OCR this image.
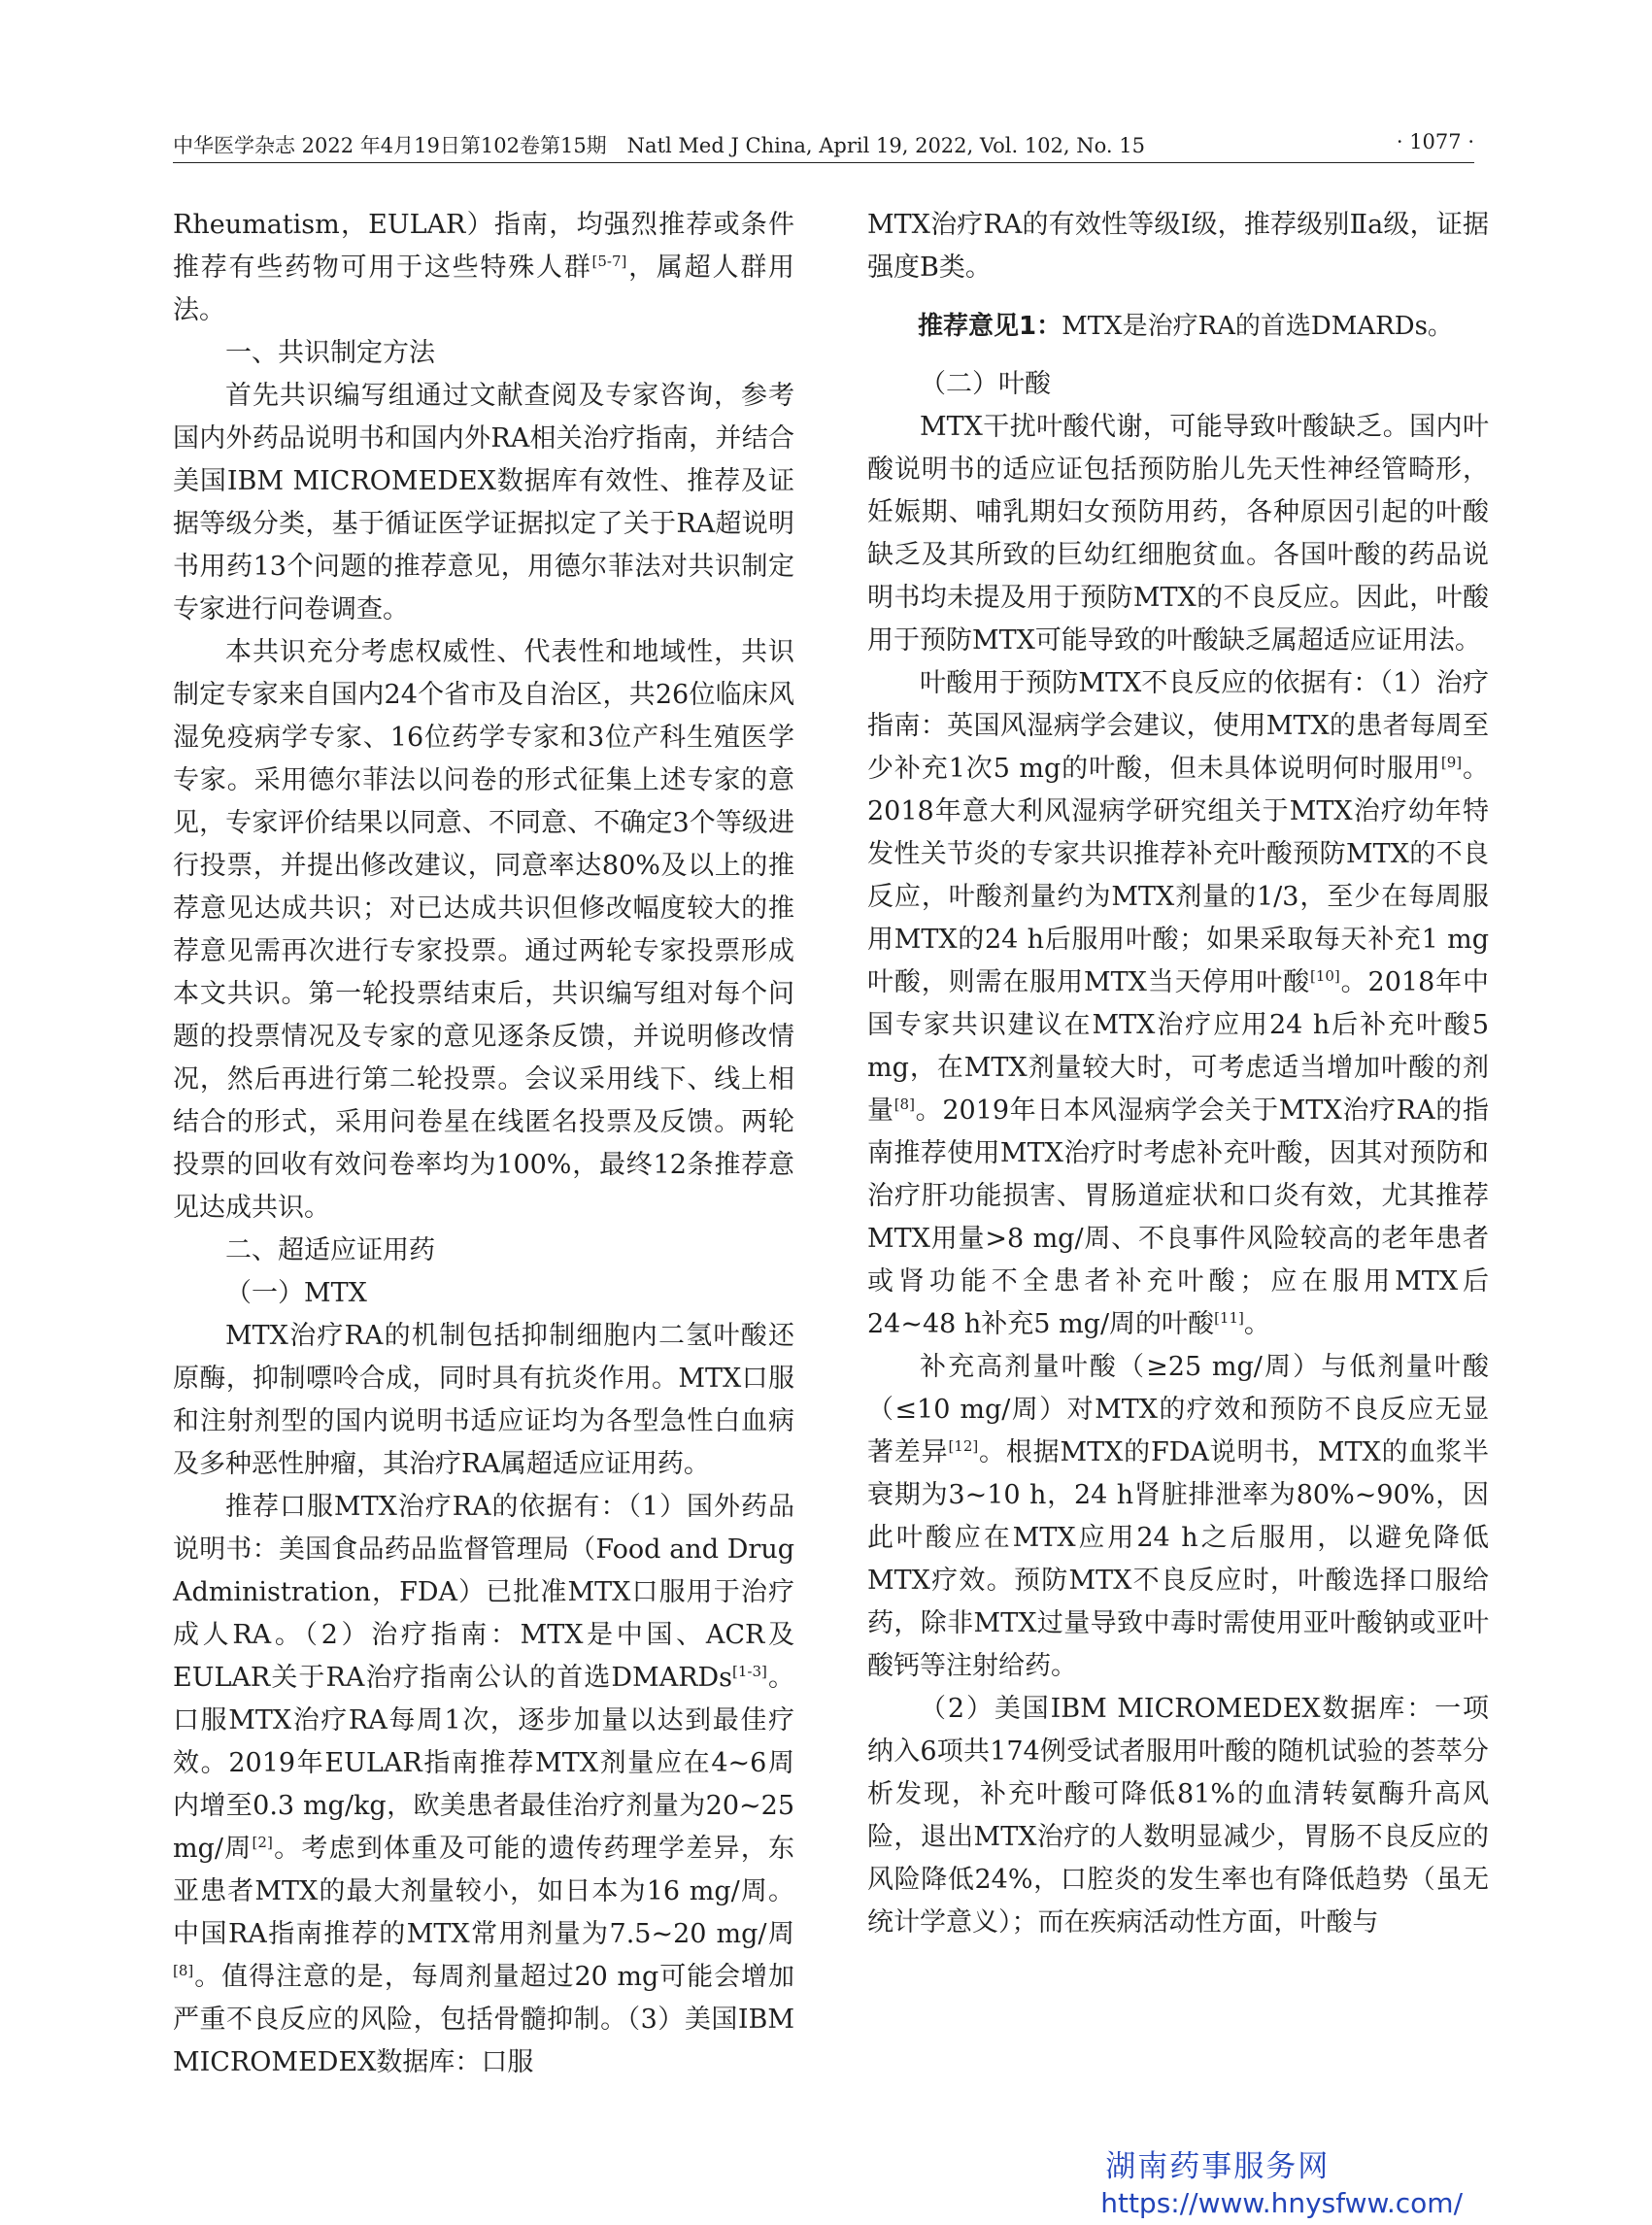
中华医学杂志 2022 年4月19日第102卷第15期　Natl Med J China, April 19, 2022, Vol. 102, No. 15	· 1077 ·

Rheumatism，EULAR）指南，均强烈推荐或条件推荐有些药物可用于这些特殊人群[5-7]，属超人群用法。

一、共识制定方法

首先共识编写组通过文献查阅及专家咨询，参考国内外药品说明书和国内外RA相关治疗指南，并结合美国IBM MICROMEDEX数据库有效性、推荐及证据等级分类，基于循证医学证据拟定了关于RA超说明书用药13个问题的推荐意见，用德尔菲法对共识制定专家进行问卷调查。

本共识充分考虑权威性、代表性和地域性，共识制定专家来自国内24个省市及自治区，共26位临床风湿免疫病学专家、16位药学专家和3位产科生殖医学专家。采用德尔菲法以问卷的形式征集上述专家的意见，专家评价结果以同意、不同意、不确定3个等级进行投票，并提出修改建议，同意率达80%及以上的推荐意见达成共识；对已达成共识但修改幅度较大的推荐意见需再次进行专家投票。通过两轮专家投票形成本文共识。第一轮投票结束后，共识编写组对每个问题的投票情况及专家的意见逐条反馈，并说明修改情况，然后再进行第二轮投票。会议采用线下、线上相结合的形式，采用问卷星在线匿名投票及反馈。两轮投票的回收有效问卷率均为100%，最终12条推荐意见达成共识。

二、超适应证用药

（一）MTX

MTX治疗RA的机制包括抑制细胞内二氢叶酸还原酶，抑制嘌呤合成，同时具有抗炎作用。MTX口服和注射剂型的国内说明书适应证均为各型急性白血病及多种恶性肿瘤，其治疗RA属超适应证用药。

推荐口服MTX治疗RA的依据有：（1）国外药品说明书：美国食品药品监督管理局（Food and Drug Administration，FDA）已批准MTX口服用于治疗成人RA。（2）治疗指南：MTX是中国、ACR及EULAR关于RA治疗指南公认的首选DMARDs[1-3]。口服MTX治疗RA每周1次，逐步加量以达到最佳疗效。2019年EULAR指南推荐MTX剂量应在4~6周内增至0.3 mg/kg，欧美患者最佳治疗剂量为20~25 mg/周[2]。考虑到体重及可能的遗传药理学差异，东亚患者MTX的最大剂量较小，如日本为16 mg/周。中国RA指南推荐的MTX常用剂量为7.5~20 mg/周[8]。值得注意的是，每周剂量超过20 mg可能会增加严重不良反应的风险，包括骨髓抑制。（3）美国IBM MICROMEDEX数据库：口服

MTX治疗RA的有效性等级Ⅰ级，推荐级别Ⅱa级，证据强度B类。

推荐意见1：MTX是治疗RA的首选DMARDs。

（二）叶酸

MTX干扰叶酸代谢，可能导致叶酸缺乏。国内叶酸说明书的适应证包括预防胎儿先天性神经管畸形，妊娠期、哺乳期妇女预防用药，各种原因引起的叶酸缺乏及其所致的巨幼红细胞贫血。各国叶酸的药品说明书均未提及用于预防MTX的不良反应。因此，叶酸用于预防MTX可能导致的叶酸缺乏属超适应证用法。

叶酸用于预防MTX不良反应的依据有：（1）治疗指南：英国风湿病学会建议，使用MTX的患者每周至少补充1次5 mg的叶酸，但未具体说明何时服用[9]。2018年意大利风湿病学研究组关于MTX治疗幼年特发性关节炎的专家共识推荐补充叶酸预防MTX的不良反应，叶酸剂量约为MTX剂量的1/3，至少在每周服用MTX的24 h后服用叶酸；如果采取每天补充1 mg叶酸，则需在服用MTX当天停用叶酸[10]。2018年中国专家共识建议在MTX治疗应用24 h后补充叶酸5 mg，在MTX剂量较大时，可考虑适当增加叶酸的剂量[8]。2019年日本风湿病学会关于MTX治疗RA的指南推荐使用MTX治疗时考虑补充叶酸，因其对预防和治疗肝功能损害、胃肠道症状和口炎有效，尤其推荐MTX用量>8 mg/周、不良事件风险较高的老年患者或肾功能不全患者补充叶酸；应在服用MTX后24~48 h补充5 mg/周的叶酸[11]。

补充高剂量叶酸（≥25 mg/周）与低剂量叶酸（≤10 mg/周）对MTX的疗效和预防不良反应无显著差异[12]。根据MTX的FDA说明书，MTX的血浆半衰期为3~10 h，24 h肾脏排泄率为80%~90%，因此叶酸应在MTX应用24 h之后服用，以避免降低MTX疗效。预防MTX不良反应时，叶酸选择口服给药，除非MTX过量导致中毒时需使用亚叶酸钠或亚叶酸钙等注射给药。

（2）美国IBM MICROMEDEX数据库：一项纳入6项共174例受试者服用叶酸的随机试验的荟萃分析发现，补充叶酸可降低81%的血清转氨酶升高风险，退出MTX治疗的人数明显减少，胃肠不良反应的风险降低24%，口腔炎的发生率也有降低趋势（虽无统计学意义）；而在疾病活动性方面，叶酸与

湖南药事服务网
https://www.hnysfww.com/
